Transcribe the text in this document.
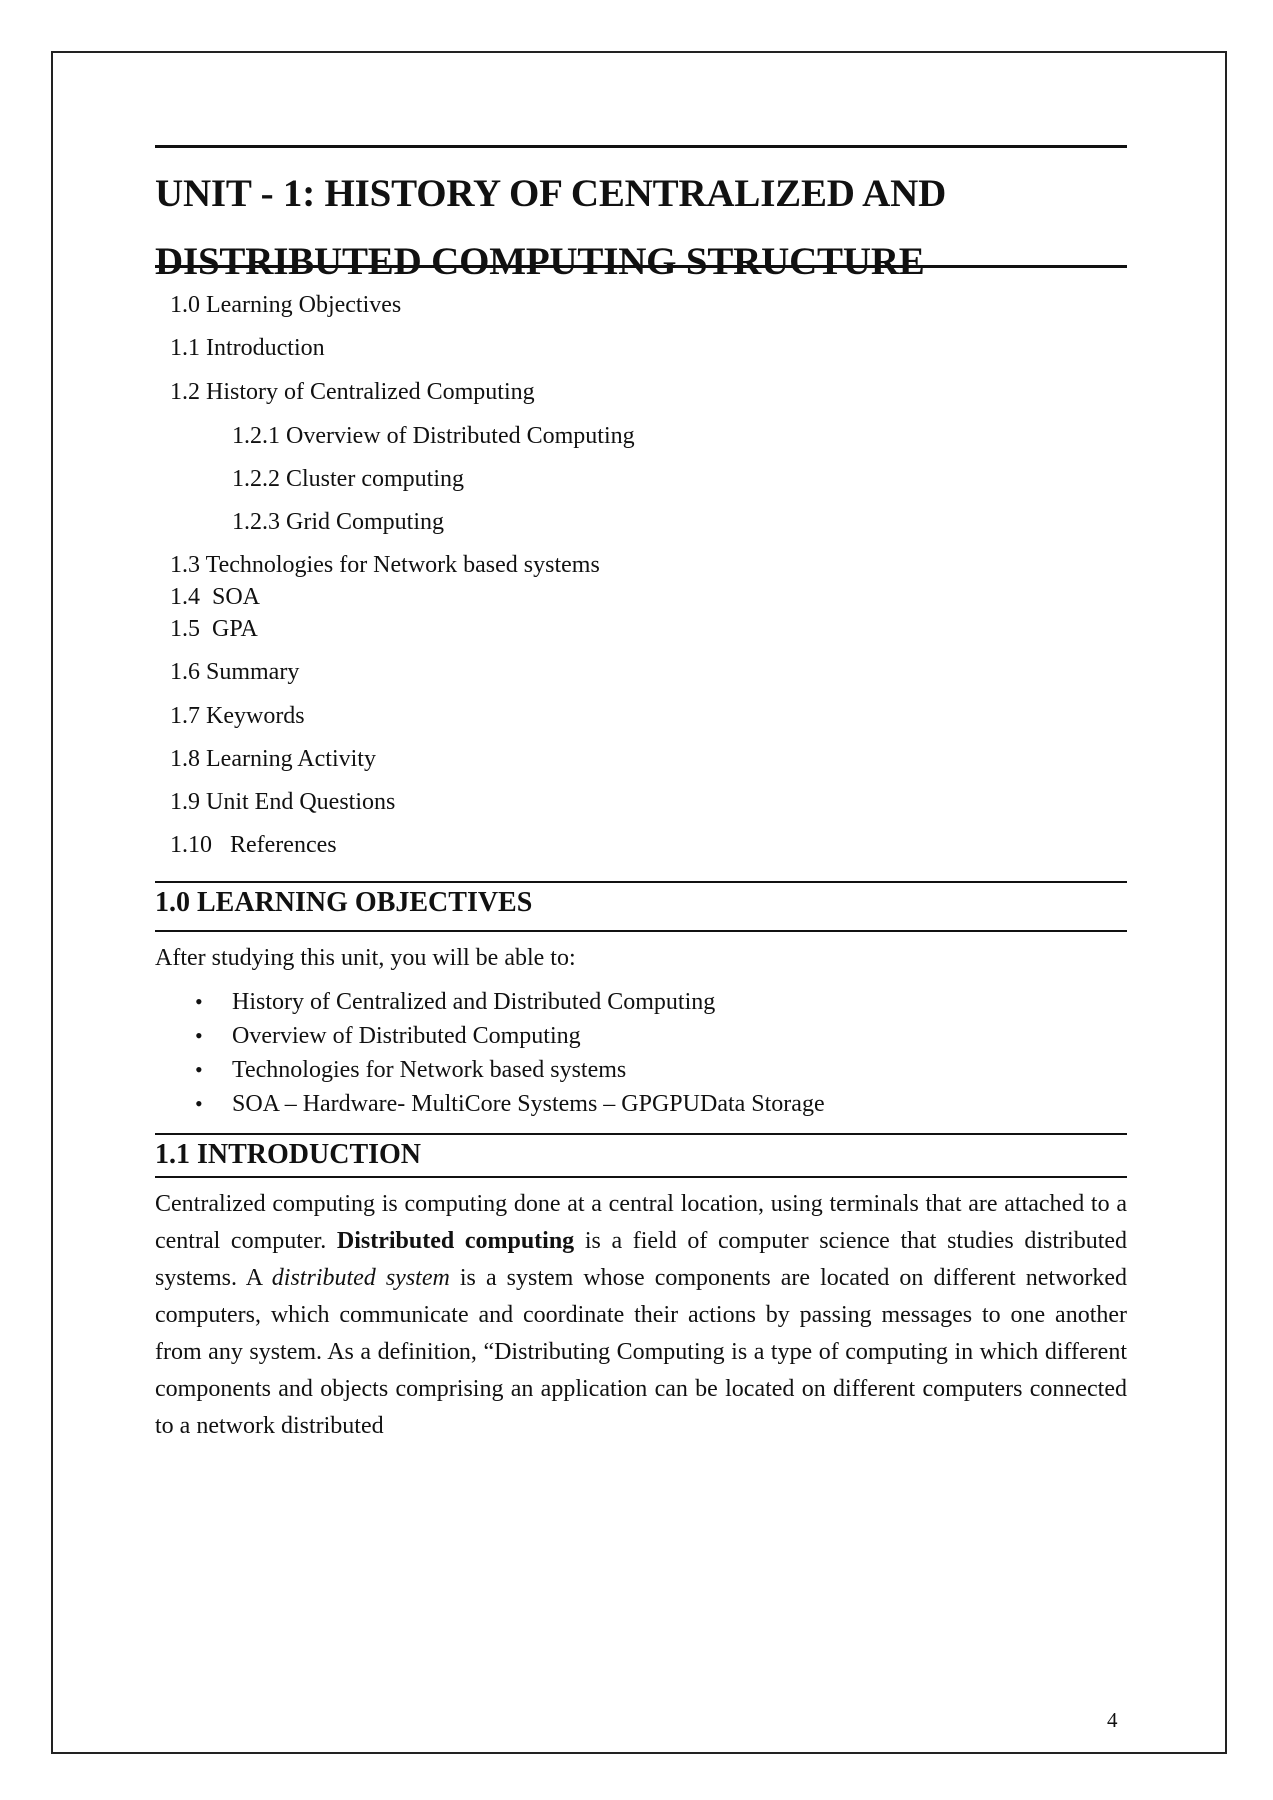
UNIT - 1: HISTORY OF CENTRALIZED AND
DISTRIBUTED COMPUTING STRUCTURE
1.0 Learning Objectives
1.1 Introduction
1.2 History of Centralized Computing
1.2.1 Overview of Distributed Computing
1.2.2 Cluster computing
1.2.3 Grid Computing
1.3 Technologies for Network based systems
1.4 SOA
1.5 GPA
1.6 Summary
1.7 Keywords
1.8 Learning Activity
1.9 Unit End Questions
1.10 References
1.0 LEARNING OBJECTIVES

After studying this unit, you will be able to:

• History of Centralized and Distributed Computing
• Overview of Distributed Computing
• Technologies for Network based systems
• SOA – Hardware- MultiCore Systems – GPGPUData Storage
1.1 INTRODUCTION

Centralized computing is computing done at a central location, using terminals that are attached to a central computer. Distributed computing is a field of computer science that studies distributed systems. A distributed system is a system whose components are located on different networked computers, which communicate and coordinate their actions by passing messages to one another from any system. As a definition, “Distributing Computing is a type of computing in which different components and objects comprising an application can be located on different computers connected to a network distributed

4
